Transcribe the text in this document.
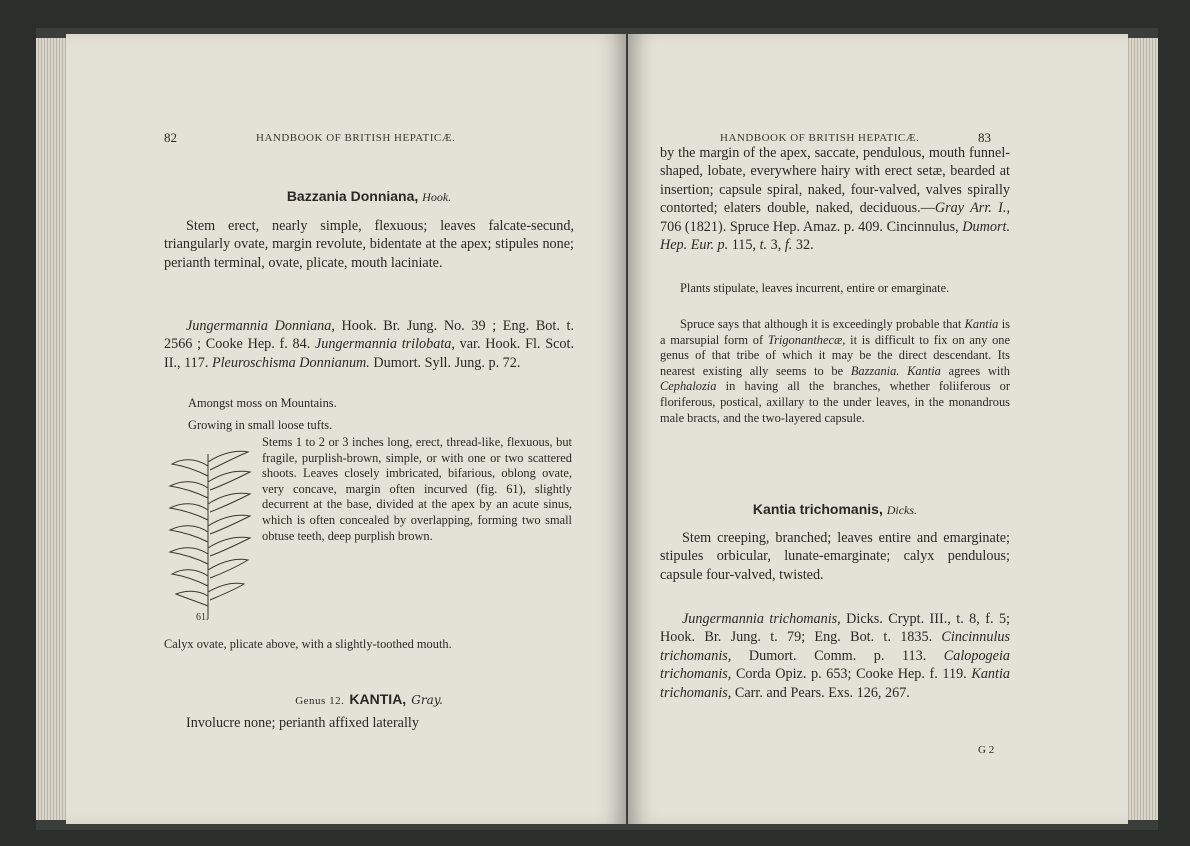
82	HANDBOOK OF BRITISH HEPATICÆ.

Bazzania Donniana, Hook.

Stem erect, nearly simple, flexuous; leaves falcate-secund, triangularly ovate, margin revolute, bidentate at the apex; stipules none; perianth terminal, ovate, plicate, mouth laciniate.

Jungermannia Donniana, Hook. Br. Jung. No. 39 ; Eng. Bot. t. 2566 ; Cooke Hep. f. 84. Jungermannia trilobata, var. Hook. Fl. Scot. II., 117. Pleuroschisma Donnianum. Dumort. Syll. Jung. p. 72.

Amongst moss on Mountains.

Growing in small loose tufts.

61.

Stems 1 to 2 or 3 inches long, erect, thread-like, flexuous, but fragile, purplish-brown, simple, or with one or two scattered shoots. Leaves closely imbricated, bifarious, oblong ovate, very concave, margin often incurved (fig. 61), slightly decurrent at the base, divided at the apex by an acute sinus, which is often concealed by overlapping, forming two small obtuse teeth, deep purplish brown.

Calyx ovate, plicate above, with a slightly-toothed mouth.

Genus 12. KANTIA, Gray.

Involucre none; perianth affixed laterally

HANDBOOK OF BRITISH HEPATICÆ.	83

by the margin of the apex, saccate, pendulous, mouth funnel-shaped, lobate, everywhere hairy with erect setæ, bearded at insertion; capsule spiral, naked, four-valved, valves spirally contorted; elaters double, naked, deciduous.—Gray Arr. I., 706 (1821). Spruce Hep. Amaz. p. 409. Cincinnulus, Dumort. Hep. Eur. p. 115, t. 3, f. 32.

Plants stipulate, leaves incurrent, entire or emarginate.

Spruce says that although it is exceedingly probable that Kantia is a marsupial form of Trigonanthecæ, it is difficult to fix on any one genus of that tribe of which it may be the direct descendant. Its nearest existing ally seems to be Bazzania. Kantia agrees with Cephalozia in having all the branches, whether foliiferous or floriferous, postical, axillary to the under leaves, in the monandrous male bracts, and the two-layered capsule.

Kantia trichomanis, Dicks.

Stem creeping, branched; leaves entire and emarginate; stipules orbicular, lunate-emarginate; calyx pendulous; capsule four-valved, twisted.

Jungermannia trichomanis, Dicks. Crypt. III., t. 8, f. 5; Hook. Br. Jung. t. 79; Eng. Bot. t. 1835. Cincinnulus trichomanis, Dumort. Comm. p. 113. Calopogeia trichomanis, Corda Opiz. p. 653; Cooke Hep. f. 119. Kantia trichomanis, Carr. and Pears. Exs. 126, 267.

G 2
